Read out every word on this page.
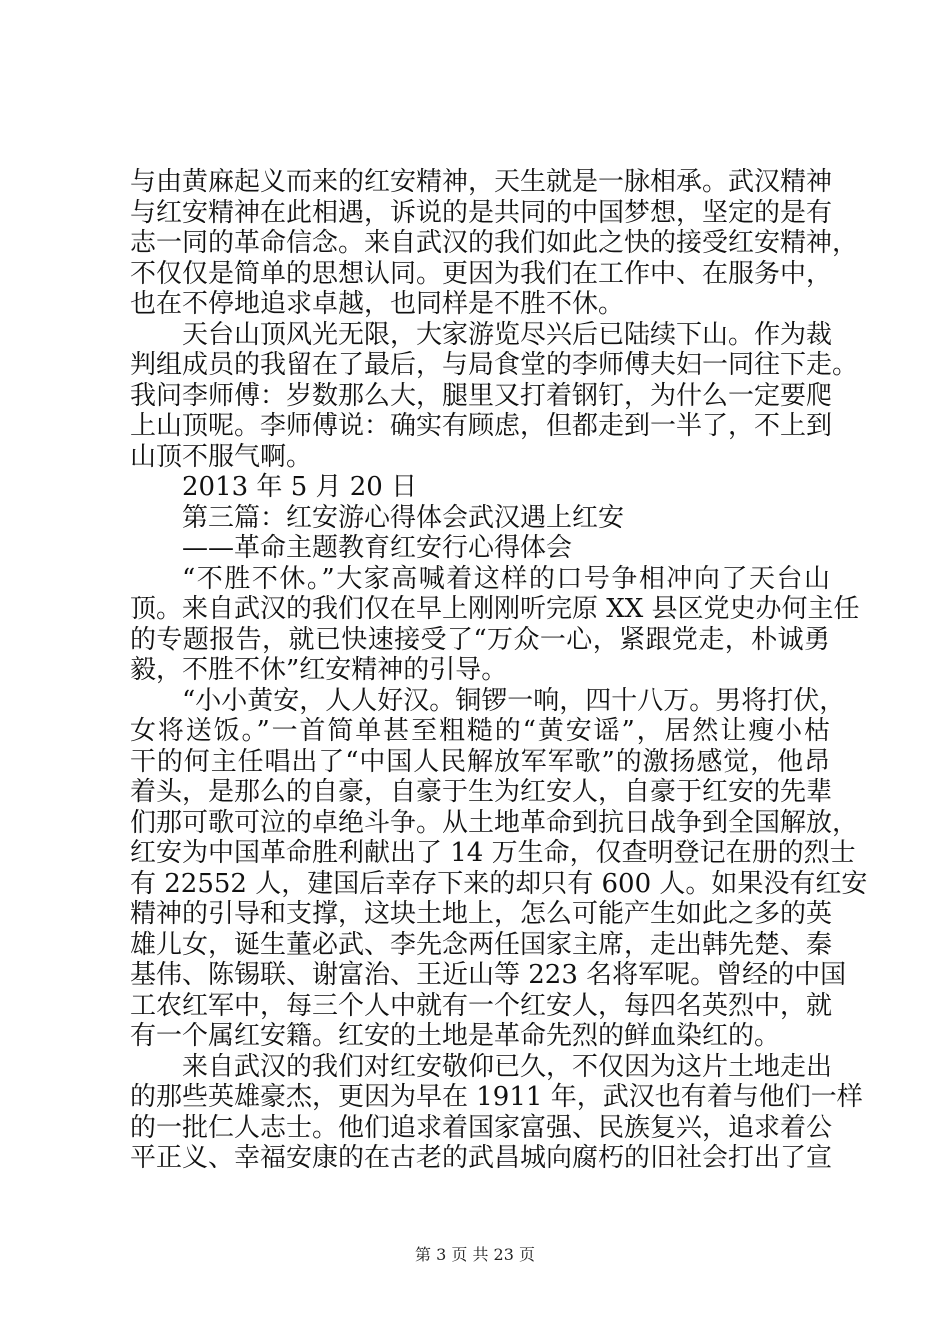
与由黄麻起义而来的红安精神，天生就是一脉相承。武汉精神
与红安精神在此相遇，诉说的是共同的中国梦想，坚定的是有
志一同的革命信念。来自武汉的我们如此之快的接受红安精神，
不仅仅是简单的思想认同。更因为我们在工作中、在服务中，
也在不停地追求卓越，也同样是不胜不休。
天台山顶风光无限，大家游览尽兴后已陆续下山。作为裁
判组成员的我留在了最后，与局食堂的李师傅夫妇一同往下走。
我问李师傅：岁数那么大，腿里又打着钢钉，为什么一定要爬
上山顶呢。李师傅说：确实有顾虑，但都走到一半了，不上到
山顶不服气啊。
2013 年 5 月 20 日
第三篇：红安游心得体会武汉遇上红安
——革命主题教育红安行心得体会
“不胜不休。”大家高喊着这样的口号争相冲向了天台山
顶。来自武汉的我们仅在早上刚刚听完原 XX 县区党史办何主任
的专题报告，就已快速接受了“万众一心，紧跟党走，朴诚勇
毅，不胜不休”红安精神的引导。
“小小黄安，人人好汉。铜锣一响，四十八万。男将打伏，
女将送饭。”一首简单甚至粗糙的“黄安谣”，居然让瘦小枯
干的何主任唱出了“中国人民解放军军歌”的激扬感觉，他昂
着头，是那么的自豪，自豪于生为红安人，自豪于红安的先辈
们那可歌可泣的卓绝斗争。从土地革命到抗日战争到全国解放，
红安为中国革命胜利献出了 14 万生命，仅查明登记在册的烈士
有 22552 人，建国后幸存下来的却只有 600 人。如果没有红安
精神的引导和支撑，这块土地上，怎么可能产生如此之多的英
雄儿女，诞生董必武、李先念两任国家主席，走出韩先楚、秦
基伟、陈锡联、谢富治、王近山等 223 名将军呢。曾经的中国
工农红军中，每三个人中就有一个红安人，每四名英烈中，就
有一个属红安籍。红安的土地是革命先烈的鲜血染红的。
来自武汉的我们对红安敬仰已久，不仅因为这片土地走出
的那些英雄豪杰，更因为早在 1911 年，武汉也有着与他们一样
的一批仁人志士。他们追求着国家富强、民族复兴，追求着公
平正义、幸福安康的在古老的武昌城向腐朽的旧社会打出了宣
第 3 页 共 23 页
